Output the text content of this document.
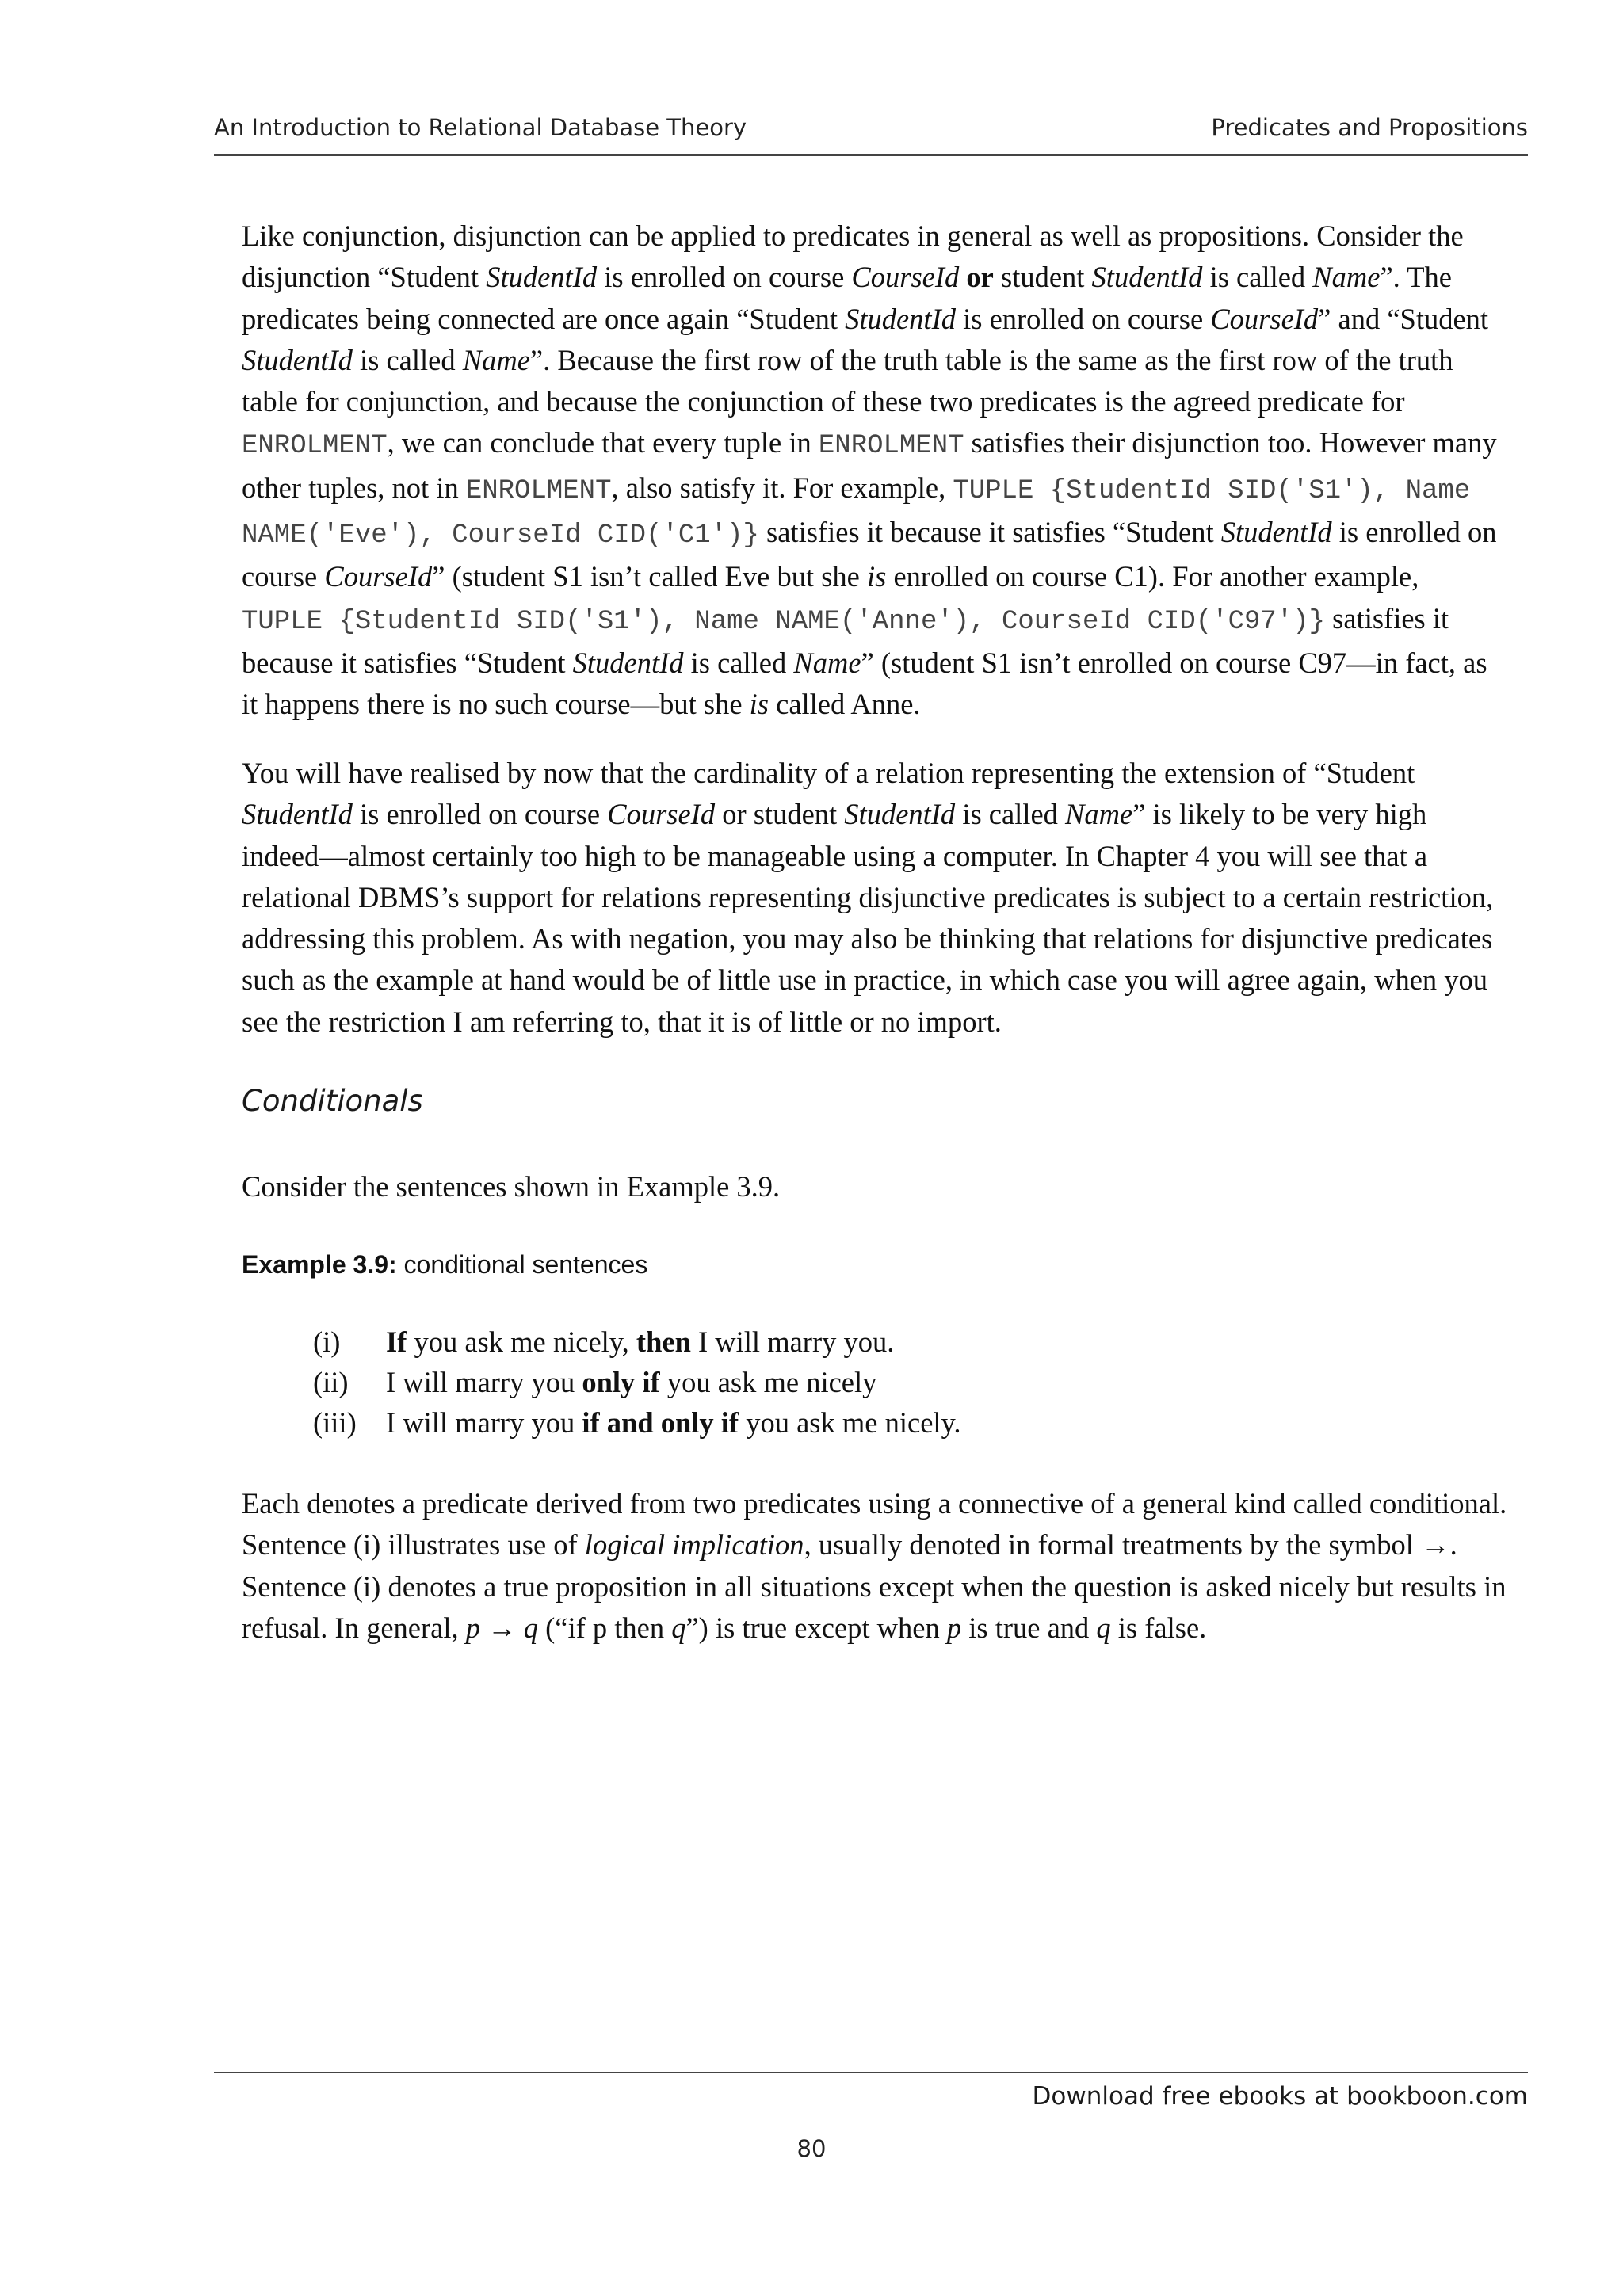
An Introduction to Relational Database Theory	Predicates and Propositions

Like conjunction, disjunction can be applied to predicates in general as well as propositions. Consider the disjunction “Student StudentId is enrolled on course CourseId or student StudentId is called Name”. The predicates being connected are once again “Student StudentId is enrolled on course CourseId” and “Student StudentId is called Name”. Because the first row of the truth table is the same as the first row of the truth table for conjunction, and because the conjunction of these two predicates is the agreed predicate for ENROLMENT, we can conclude that every tuple in ENROLMENT satisfies their disjunction too. However many other tuples, not in ENROLMENT, also satisfy it. For example, TUPLE {StudentId SID('S1'), Name NAME('Eve'), CourseId CID('C1')} satisfies it because it satisfies “Student StudentId is enrolled on course CourseId” (student S1 isn’t called Eve but she is enrolled on course C1). For another example, TUPLE {StudentId SID('S1'), Name NAME('Anne'), CourseId CID('C97')} satisfies it because it satisfies “Student StudentId is called Name” (student S1 isn’t enrolled on course C97—in fact, as it happens there is no such course—but she is called Anne.

You will have realised by now that the cardinality of a relation representing the extension of “Student StudentId is enrolled on course CourseId or student StudentId is called Name” is likely to be very high indeed—almost certainly too high to be manageable using a computer. In Chapter 4 you will see that a relational DBMS’s support for relations representing disjunctive predicates is subject to a certain restriction, addressing this problem. As with negation, you may also be thinking that relations for disjunctive predicates such as the example at hand would be of little use in practice, in which case you will agree again, when you see the restriction I am referring to, that it is of little or no import.

Conditionals
Consider the sentences shown in Example 3.9.
Example 3.9: conditional sentences
(i) If you ask me nicely, then I will marry you.
(ii) I will marry you only if you ask me nicely
(iii) I will marry you if and only if you ask me nicely.

Each denotes a predicate derived from two predicates using a connective of a general kind called conditional. Sentence (i) illustrates use of logical implication, usually denoted in formal treatments by the symbol →. Sentence (i) denotes a true proposition in all situations except when the question is asked nicely but results in refusal. In general, p → q (“if p then q”) is true except when p is true and q is false.

Download free ebooks at bookboon.com
80
